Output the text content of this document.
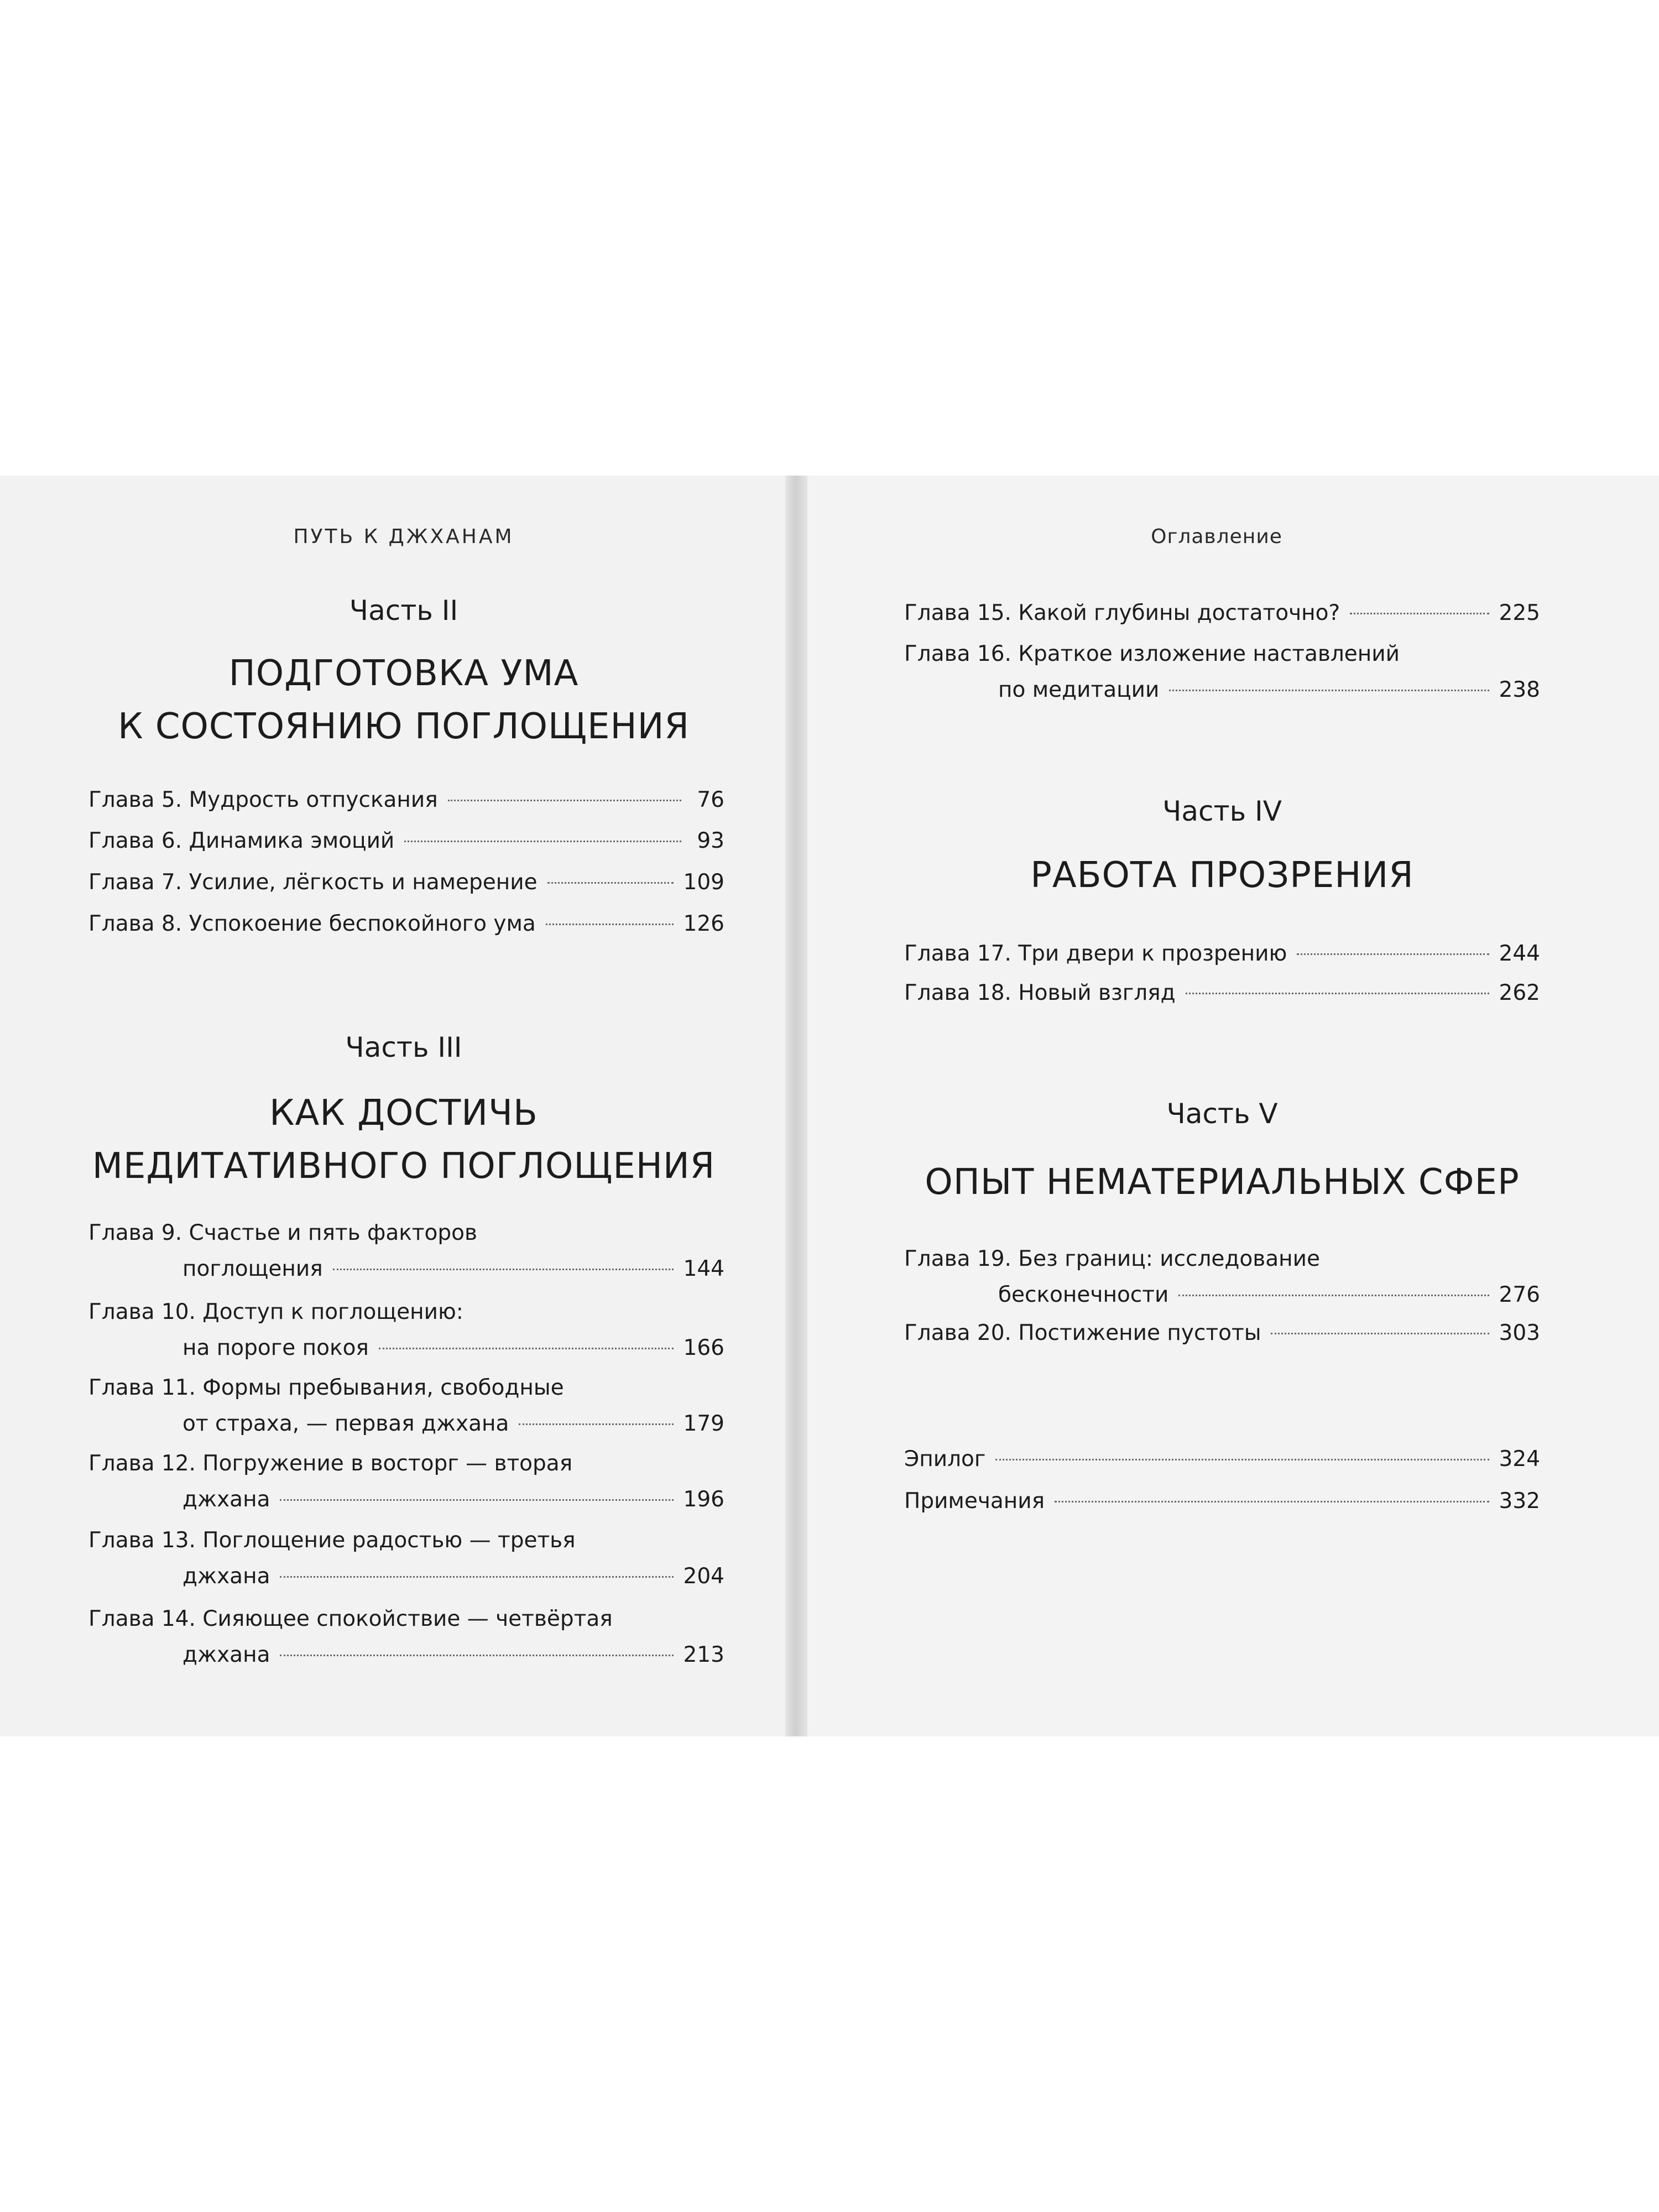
ПУТЬ К ДЖХАНАМ
Часть II
ПОДГОТОВКА УМА
К СОСТОЯНИЮ ПОГЛОЩЕНИЯ
Глава 5. Мудрость отпускания	76
Глава 6. Динамика эмоций	93
Глава 7. Усилие, лёгкость и намерение	109
Глава 8. Успокоение беспокойного ума	126
Часть III
КАК ДОСТИЧЬ
МЕДИТАТИВНОГО ПОГЛОЩЕНИЯ
Глава 9. Счастье и пять факторов
поглощения	144
Глава 10. Доступ к поглощению:
на пороге покоя	166
Глава 11. Формы пребывания, свободные
от страха, — первая джхана	179
Глава 12. Погружение в восторг — вторая
джхана	196
Глава 13. Поглощение радостью — третья
джхана	204
Глава 14. Сияющее спокойствие — четвёртая
джхана	213
Оглавление
Глава 15. Какой глубины достаточно?	225
Глава 16. Краткое изложение наставлений
по медитации	238
Часть IV
РАБОТА ПРОЗРЕНИЯ
Глава 17. Три двери к прозрению	244
Глава 18. Новый взгляд	262
Часть V
ОПЫТ НЕМАТЕРИАЛЬНЫХ СФЕР
Глава 19. Без границ: исследование
бесконечности	276
Глава 20. Постижение пустоты	303
Эпилог	324
Примечания	332
